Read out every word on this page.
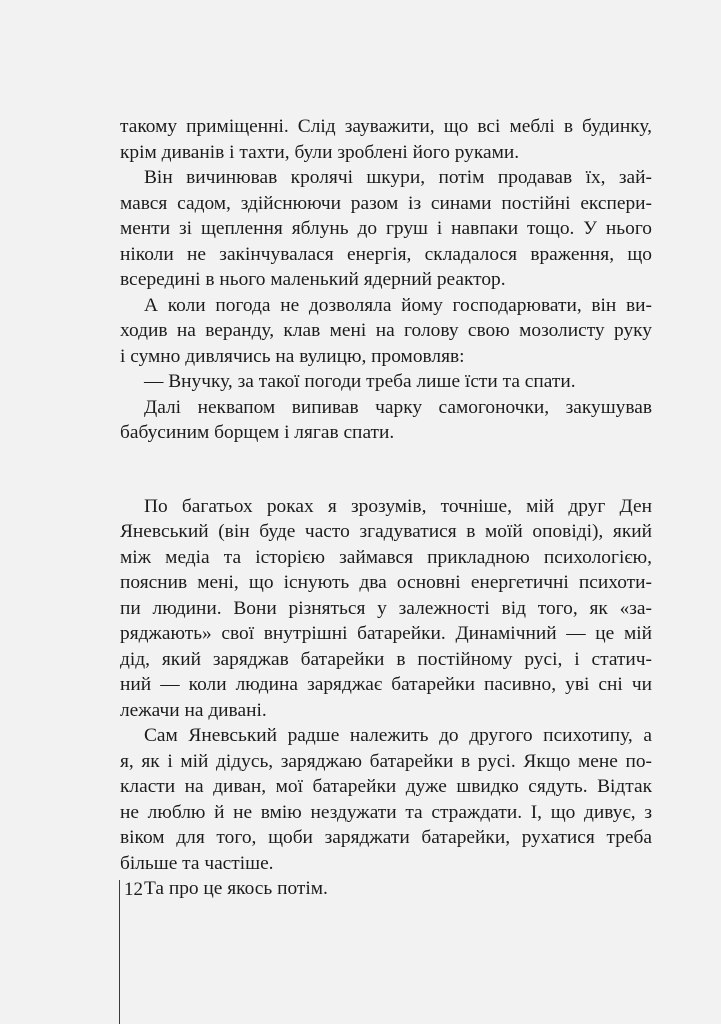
такому приміщенні. Слід зауважити, що всі меблі в будинку,
крім диванів і тахти, були зроблені його руками.
Він вичинював кролячі шкури, потім продавав їх, зай-
мався садом, здійснюючи разом із синами постійні експери-
менти зі щеплення яблунь до груш і навпаки тощо. У нього
ніколи не закінчувалася енергія, складалося враження, що
всередині в нього маленький ядерний реактор.
А коли погода не дозволяла йому господарювати, він ви-
ходив на веранду, клав мені на голову свою мозолисту руку
і сумно дивлячись на вулицю, промовляв:
— Внучку, за такої погоди треба лише їсти та спати.
Далі неквапом випивав чарку самогоночки, закушував
бабусиним борщем і лягав спати.
По багатьох роках я зрозумів, точніше, мій друг Ден
Яневський (він буде часто згадуватися в моїй оповіді), який
між медіа та історією займався прикладною психологією,
пояснив мені, що існують два основні енергетичні психоти-
пи людини. Вони різняться у залежності від того, як «за-
ряджають» свої внутрішні батарейки. Динамічний — це мій
дід, який заряджав батарейки в постійному русі, і статич-
ний — коли людина заряджає батарейки пасивно, уві сні чи
лежачи на дивані.
Сам Яневський радше належить до другого психотипу, а
я, як і мій дідусь, заряджаю батарейки в русі. Якщо мене по-
класти на диван, мої батарейки дуже швидко сядуть. Відтак
не люблю й не вмію нездужати та страждати. І, що дивує, з
віком для того, щоби заряджати батарейки, рухатися треба
більше та частіше.
Та про це якось потім.
12
